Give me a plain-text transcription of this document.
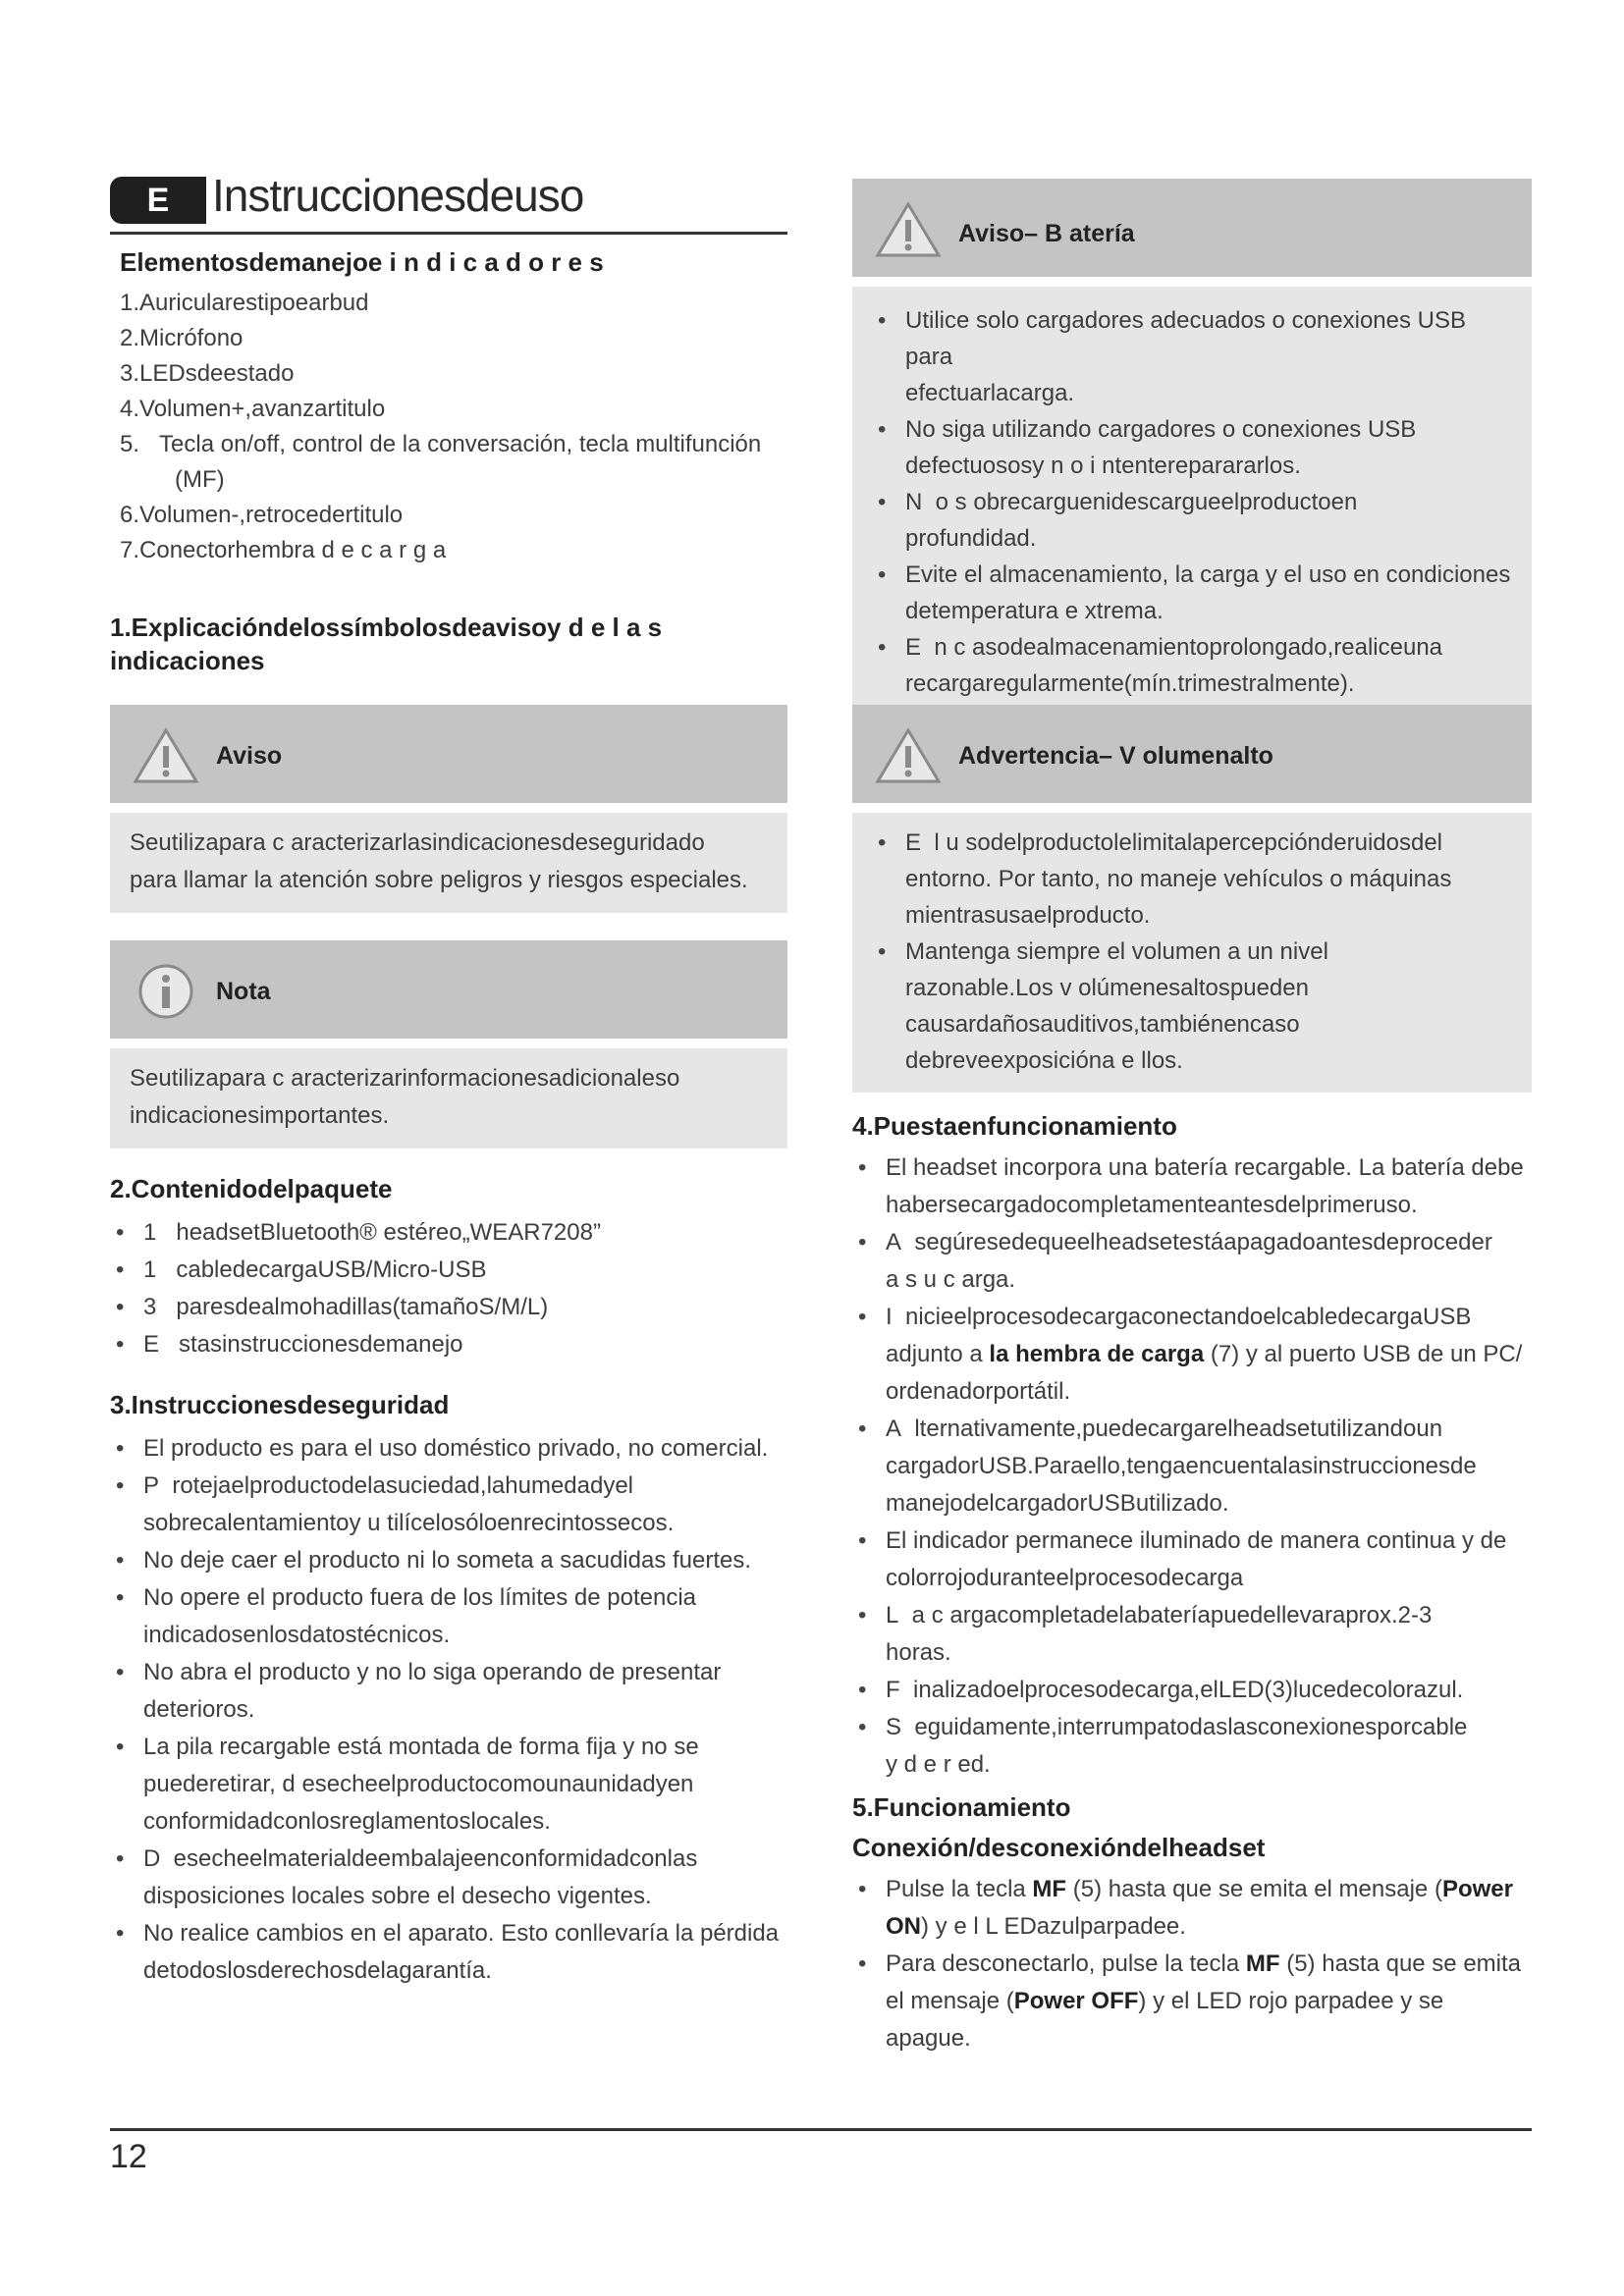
E Instruccionesdeuso
Elementosdemanejoe i n d i c a d o r e s
1.Auricularestipoearbud
2.Micrófono
3.LEDsdeestado
4.Volumen+,avanzartitulo
5.   Tecla on/off, control de la conversación, tecla multifunción
(MF)
6.Volumen-,retrocedertitulo
7.Conectorhembra d e c a r g a
1.Explicacióndelossímbolosdeavisoy d e l a s indicaciones
Aviso
Seutilizapara c aracterizarlasindicacionesdeseguridado
para llamar la atención sobre peligros y riesgos especiales.
Nota
Seutilizapara c aracterizarinformacionesadicionaleso
indicacionesimportantes.
2.Contenidodelpaquete
• 1   headsetBluetooth® estéreo„WEAR7208”
• 1   cabledecargaUSB/Micro-USB
• 3   paresdealmohadillas(tamañoS/M/L)
• E   stasinstruccionesdemanejo
3.Instruccionesdeseguridad
• El producto es para el uso doméstico privado, no comercial.
• P  rotejaelproductodelasuciedad,lahumedadyel
sobrecalentamientoy u tilícelosóloenrecintossecos.
• No deje caer el producto ni lo someta a sacudidas fuertes.
• No opere el producto fuera de los límites de potencia
indicadosenlosdatostécnicos.
• No abra el producto y no lo siga operando de presentar
deterioros.
• La pila recargable está montada de forma fija y no se
puederetirar, d esecheelproductocomounaunidadyen
conformidadconlosreglamentoslocales.
• D  esecheelmaterialdeembalajeenconformidadconlas
disposiciones locales sobre el desecho vigentes.
• No realice cambios en el aparato. Esto conllevaría la pérdida
detodoslosderechosdelagarantía.
Aviso– B atería
• Utilice solo cargadores adecuados o conexiones USB para
efectuarlacarga.
• No siga utilizando cargadores o conexiones USB
defectuososy n o i ntentereparararlos.
• N  o s obrecarguenidescargueelproductoen
profundidad.
• Evite el almacenamiento, la carga y el uso en condiciones
detemperatura e xtrema.
• E  n c asodealmacenamientoprolongado,realiceuna
recargaregularmente(mín.trimestralmente).
Advertencia– V olumenalto
• E  l u sodelproductolelimitalapercepciónderuidosdel
entorno. Por tanto, no maneje vehículos o máquinas
mientrasusaelproducto.
• Mantenga siempre el volumen a un nivel
razonable.Los v olúmenesaltospueden
causardañosauditivos,tambiénencaso
debreveexposicióna e llos.
4.Puestaenfuncionamiento
• El headset incorpora una batería recargable. La batería debe
habersecargadocompletamenteantesdelprimeruso.
• A  segúresedequeelheadsetestáapagadoantesdeproceder
a s u c arga.
• I  nicieelprocesodecargaconectandoelcabledecargaUSB
adjunto a la hembra de carga (7) y al puerto USB de un PC/
ordenadorportátil.
• A  lternativamente,puedecargarelheadsetutilizandoun
cargadorUSB.Paraello,tengaencuentalasinstruccionesde
manejodelcargadorUSButilizado.
• El indicador permanece iluminado de manera continua y de
colorrojoduranteelprocesodecarga
• L  a c argacompletadelabateríapuedellevaraprox.2-3
horas.
• F  inalizadoelprocesodecarga,elLED(3)lucedecolorazul.
• S  eguidamente,interrumpatodaslasconexionesporcable
y d e r ed.
5.Funcionamiento
Conexión/desconexióndelheadset
• Pulse la tecla MF (5) hasta que se emita el mensaje (Power
ON) y e l L EDazulparpadee.
• Para desconectarlo, pulse la tecla MF (5) hasta que se emita
el mensaje (Power OFF) y el LED rojo parpadee y se apague.
12
